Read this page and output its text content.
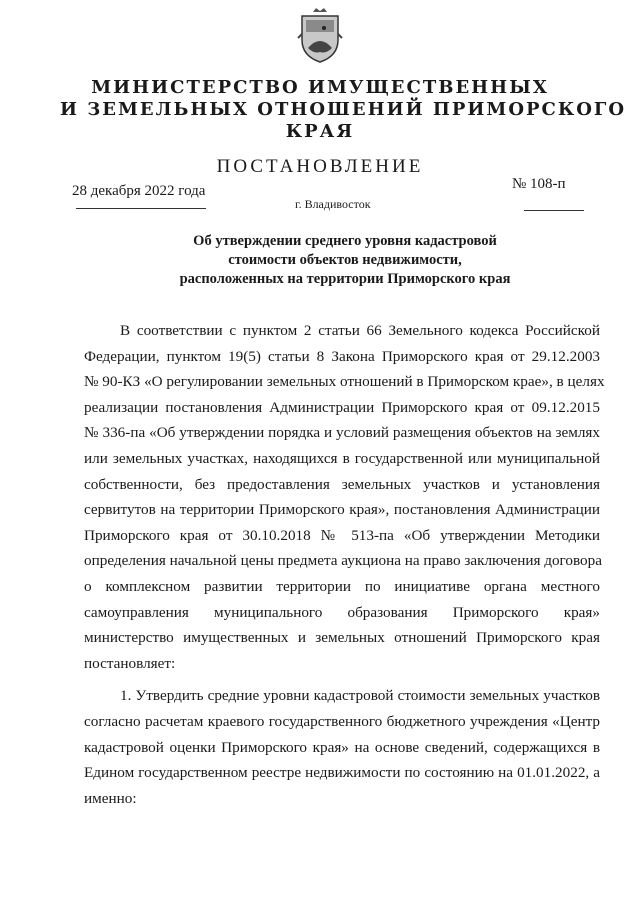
МИНИСТЕРСТВО ИМУЩЕСТВЕННЫХ
И ЗЕМЕЛЬНЫХ ОТНОШЕНИЙ ПРИМОРСКОГО
КРАЯ
ПОСТАНОВЛЕНИЕ
28 декабря 2022 года	№ 108-п
г. Владивосток
Об утверждении среднего уровня кадастровой
стоимости объектов недвижимости,
расположенных на территории Приморского края
В соответствии с пунктом 2 статьи 66 Земельного кодекса Российской
Федерации, пунктом 19(5) статьи 8 Закона Приморского края от 29.12.2003
№ 90-КЗ «О регулировании земельных отношений в Приморском крае», в целях
реализации постановления Администрации Приморского края от 09.12.2015
№ 336-па «Об утверждении порядка и условий размещения объектов на землях
или земельных участках, находящихся в государственной или муниципальной
собственности, без предоставления земельных участков и установления
сервитутов на территории Приморского края», постановления Администрации
Приморского края от 30.10.2018 № 513-па «Об утверждении Методики
определения начальной цены предмета аукциона на право заключения договора
о комплексном развитии территории по инициативе органа местного
самоуправления муниципального образования Приморского края»
министерство имущественных и земельных отношений Приморского края
постановляет:
1. Утвердить средние уровни кадастровой стоимости земельных участков
согласно расчетам краевого государственного бюджетного учреждения «Центр
кадастровой оценки Приморского края» на основе сведений, содержащихся в
Едином государственном реестре недвижимости по состоянию на 01.01.2022, а
именно:
